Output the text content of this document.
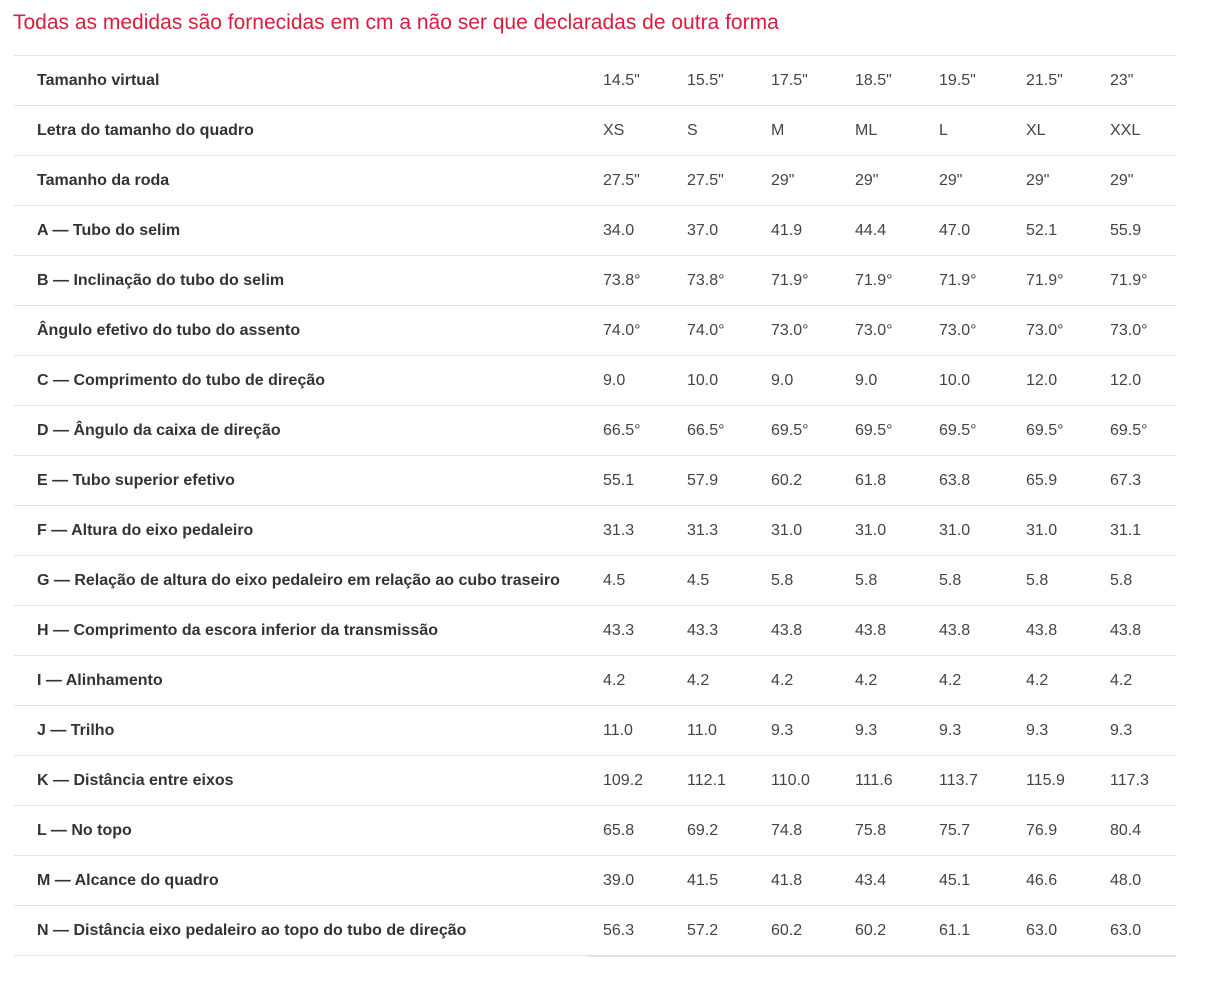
Todas as medidas são fornecidas em cm a não ser que declaradas de outra forma
Tamanho virtual	14.5"	15.5"	17.5"	18.5"	19.5"	21.5"	23"
Letra do tamanho do quadro	XS	S	M	ML	L	XL	XXL
Tamanho da roda	27.5"	27.5"	29"	29"	29"	29"	29"
A — Tubo do selim	34.0	37.0	41.9	44.4	47.0	52.1	55.9
B — Inclinação do tubo do selim	73.8°	73.8°	71.9°	71.9°	71.9°	71.9°	71.9°
Ângulo efetivo do tubo do assento	74.0°	74.0°	73.0°	73.0°	73.0°	73.0°	73.0°
C — Comprimento do tubo de direção	9.0	10.0	9.0	9.0	10.0	12.0	12.0
D — Ângulo da caixa de direção	66.5°	66.5°	69.5°	69.5°	69.5°	69.5°	69.5°
E — Tubo superior efetivo	55.1	57.9	60.2	61.8	63.8	65.9	67.3
F — Altura do eixo pedaleiro	31.3	31.3	31.0	31.0	31.0	31.0	31.1
G — Relação de altura do eixo pedaleiro em relação ao cubo traseiro	4.5	4.5	5.8	5.8	5.8	5.8	5.8
H — Comprimento da escora inferior da transmissão	43.3	43.3	43.8	43.8	43.8	43.8	43.8
I — Alinhamento	4.2	4.2	4.2	4.2	4.2	4.2	4.2
J — Trilho	11.0	11.0	9.3	9.3	9.3	9.3	9.3
K — Distância entre eixos	109.2	112.1	110.0	111.6	113.7	115.9	117.3
L — No topo	65.8	69.2	74.8	75.8	75.7	76.9	80.4
M — Alcance do quadro	39.0	41.5	41.8	43.4	45.1	46.6	48.0
N — Distância eixo pedaleiro ao topo do tubo de direção	56.3	57.2	60.2	60.2	61.1	63.0	63.0
